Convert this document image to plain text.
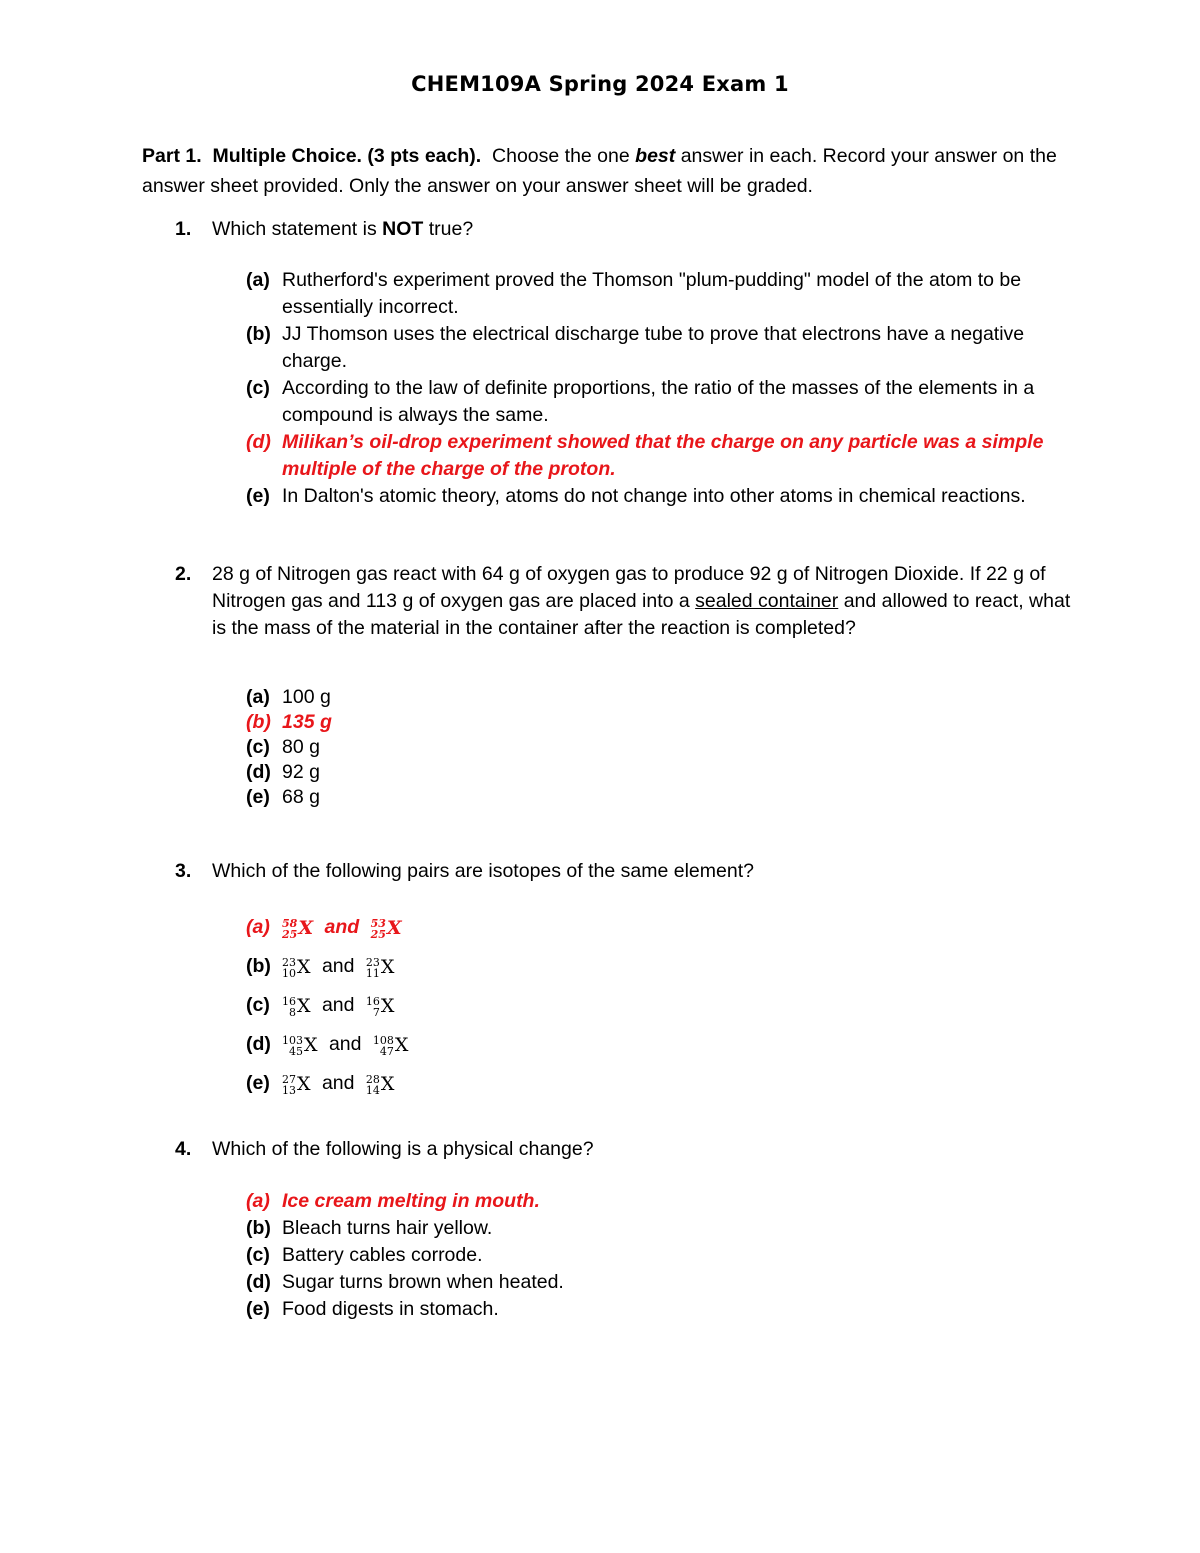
CHEM109A Spring 2024 Exam 1
Part 1. Multiple Choice. (3 pts each). Choose the one best answer in each. Record your answer on the answer sheet provided. Only the answer on your answer sheet will be graded.
1. Which statement is NOT true?
(a) Rutherford's experiment proved the Thomson "plum-pudding" model of the atom to be essentially incorrect.
(b) JJ Thomson uses the electrical discharge tube to prove that electrons have a negative charge.
(c) According to the law of definite proportions, the ratio of the masses of the elements in a compound is always the same.
(d) Milikan’s oil-drop experiment showed that the charge on any particle was a simple multiple of the charge of the proton.
(e) In Dalton's atomic theory, atoms do not change into other atoms in chemical reactions.
2. 28 g of Nitrogen gas react with 64 g of oxygen gas to produce 92 g of Nitrogen Dioxide. If 22 g of Nitrogen gas and 113 g of oxygen gas are placed into a sealed container and allowed to react, what is the mass of the material in the container after the reaction is completed?
(a) 100 g
(b) 135 g
(c) 80 g
(d) 92 g
(e) 68 g
3. Which of the following pairs are isotopes of the same element?
(a) 58
25 X and 53
25 X
(b) 23
10 X and 23
11 X
(c) 16
8 X and 16
7 X
(d) 103
45 X and 108
47 X
(e) 27
13 X and 28
14 X
4. Which of the following is a physical change?
(a) Ice cream melting in mouth.
(b) Bleach turns hair yellow.
(c) Battery cables corrode.
(d) Sugar turns brown when heated.
(e) Food digests in stomach.
